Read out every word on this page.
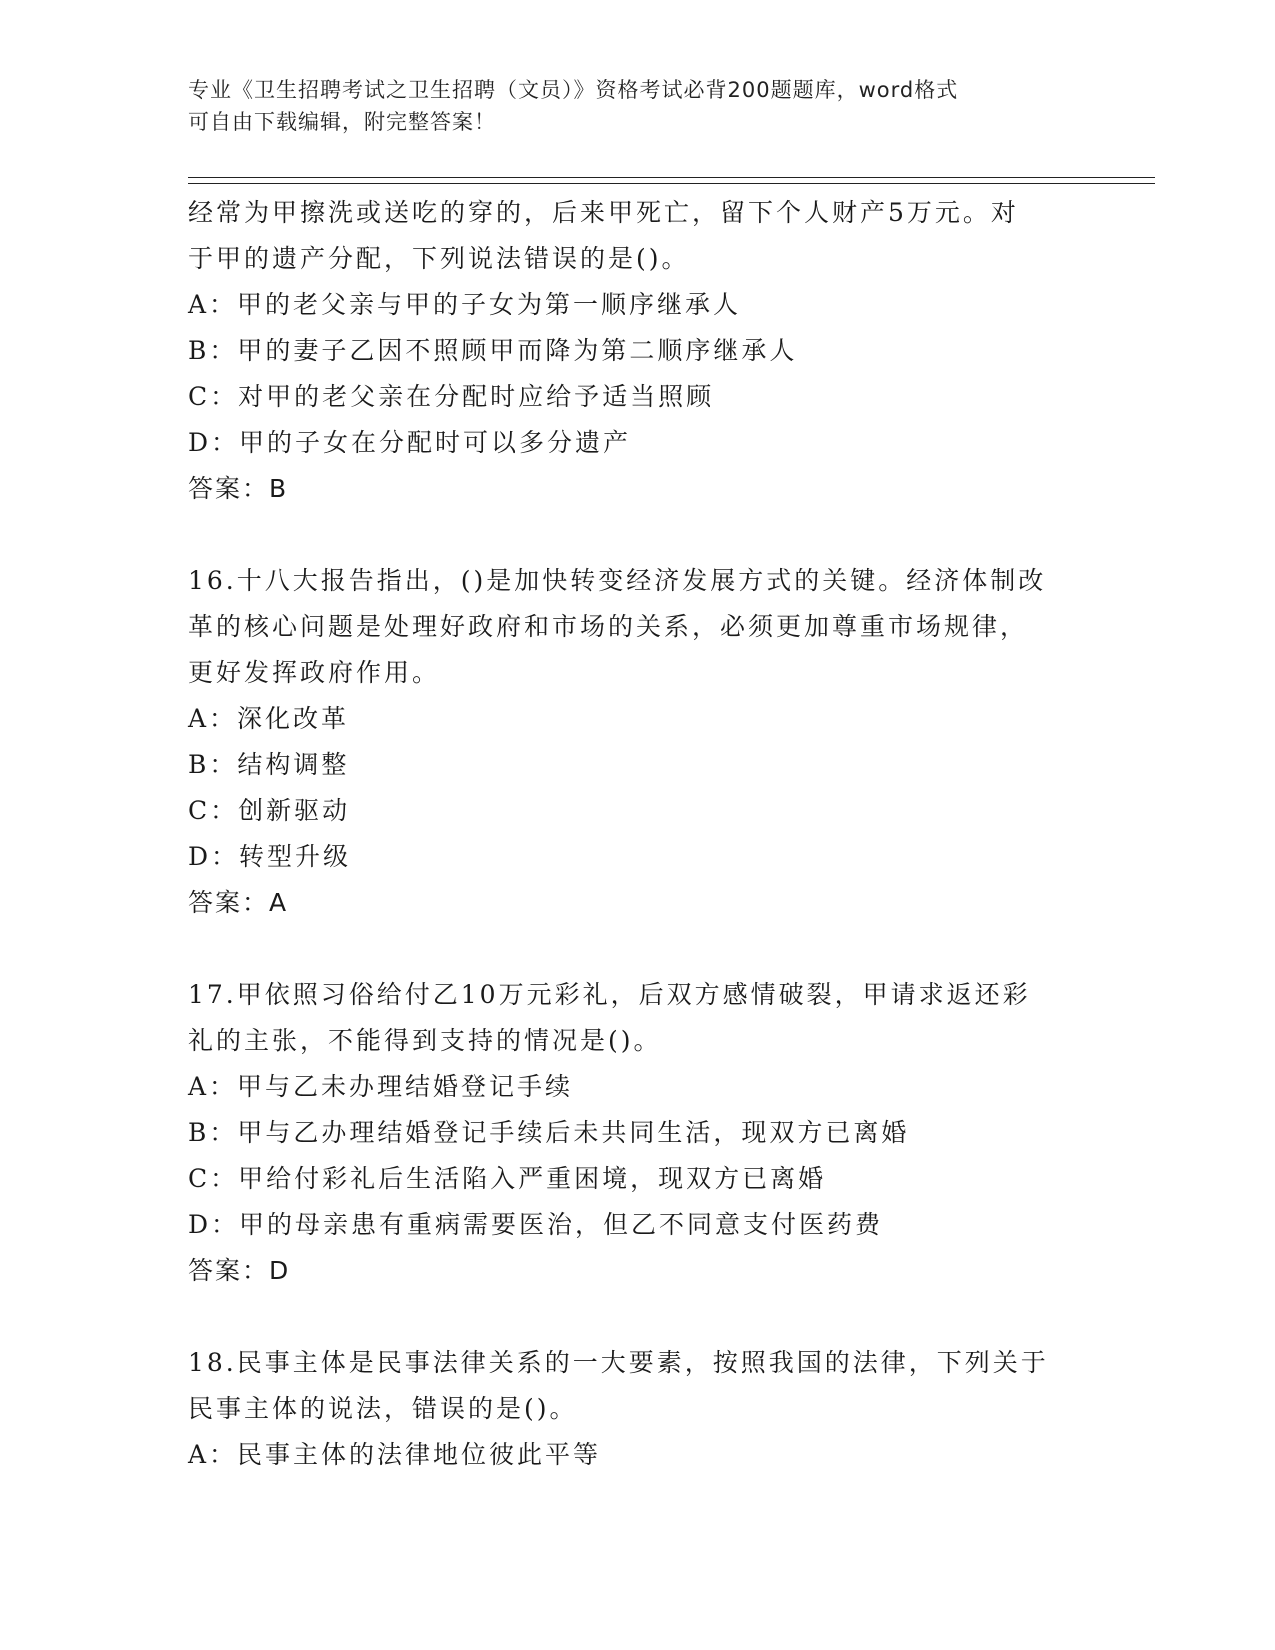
专业《卫生招聘考试之卫生招聘（文员）》资格考试必背200题题库，word格式
可自由下载编辑，附完整答案！
经常为甲擦洗或送吃的穿的，后来甲死亡，留下个人财产5万元。对
于甲的遗产分配，下列说法错误的是()。
A：甲的老父亲与甲的子女为第一顺序继承人
B：甲的妻子乙因不照顾甲而降为第二顺序继承人
C：对甲的老父亲在分配时应给予适当照顾
D：甲的子女在分配时可以多分遗产
答案：B
16.十八大报告指出，()是加快转变经济发展方式的关键。经济体制改
革的核心问题是处理好政府和市场的关系，必须更加尊重市场规律，
更好发挥政府作用。
A：深化改革
B：结构调整
C：创新驱动
D：转型升级
答案：A
17.甲依照习俗给付乙10万元彩礼，后双方感情破裂，甲请求返还彩
礼的主张，不能得到支持的情况是()。
A：甲与乙未办理结婚登记手续
B：甲与乙办理结婚登记手续后未共同生活，现双方已离婚
C：甲给付彩礼后生活陷入严重困境，现双方已离婚
D：甲的母亲患有重病需要医治，但乙不同意支付医药费
答案：D
18.民事主体是民事法律关系的一大要素，按照我国的法律，下列关于
民事主体的说法，错误的是()。
A：民事主体的法律地位彼此平等
